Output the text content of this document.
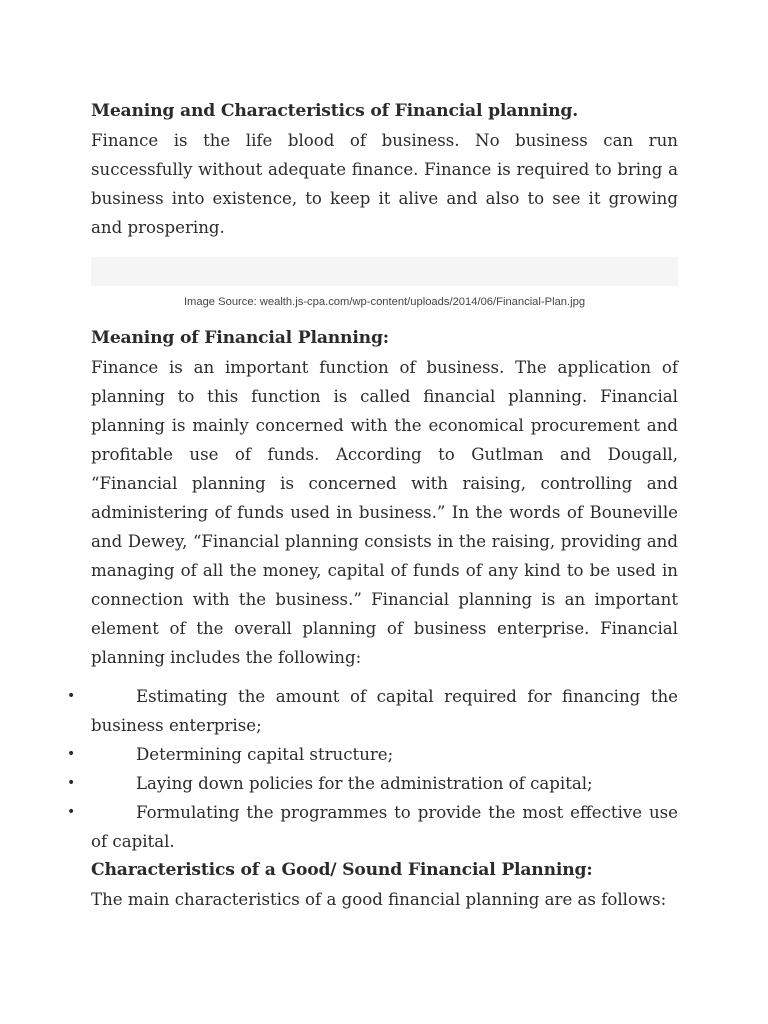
Meaning and Characteristics of Financial planning.

Finance is the life blood of business. No business can run successfully without adequate finance. Finance is required to bring a business into existence, to keep it alive and also to see it growing and prospering.

Image Source: wealth.js-cpa.com/wp-content/uploads/2014/06/Financial-Plan.jpg
Meaning of Financial Planning:

Finance is an important function of business. The application of planning to this function is called financial planning. Financial planning is mainly concerned with the economical procurement and profitable use of funds. According to Gutlman and Dougall, “Financial planning is concerned with raising, controlling and administering of funds used in business.” In the words of Bouneville and Dewey, “Financial planning consists in the raising, providing and managing of all the money, capital of funds of any kind to be used in connection with the business.” Financial planning is an important element of the overall planning of business enterprise. Financial planning includes the following:

•	Estimating the amount of capital required for financing the business enterprise;
•	Determining capital structure;
•	Laying down policies for the administration of capital;
•	Formulating the programmes to provide the most effective use of capital.
Characteristics of a Good/ Sound Financial Planning:

The main characteristics of a good financial planning are as follows:
